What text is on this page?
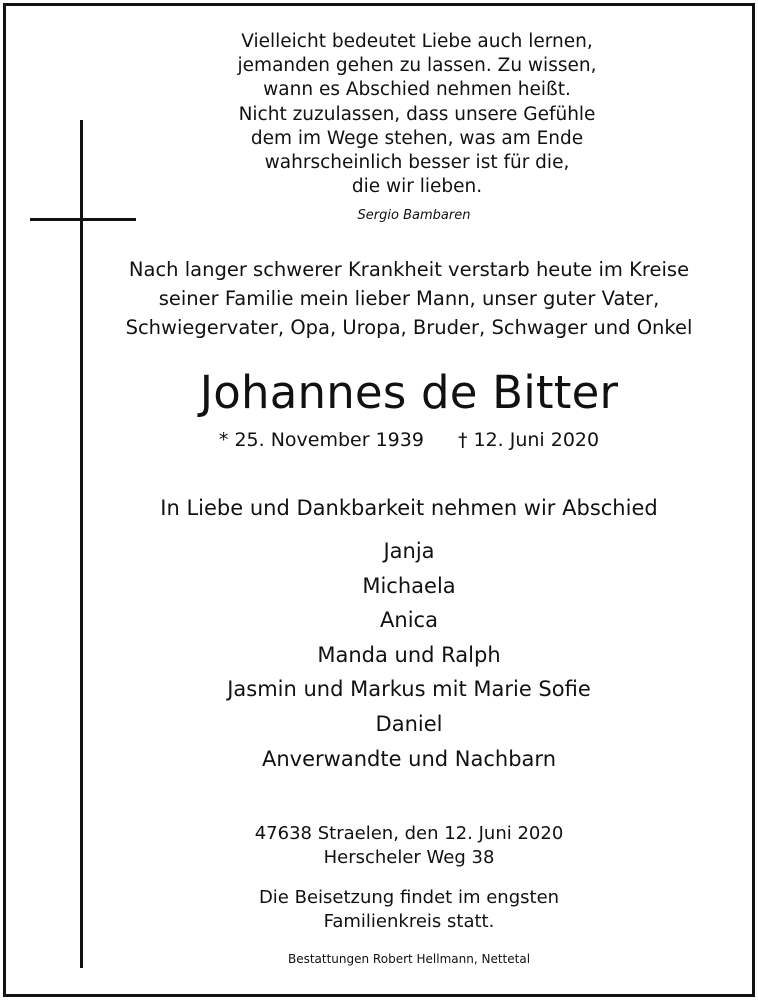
Vielleicht bedeutet Liebe auch lernen,
jemanden gehen zu lassen. Zu wissen,
wann es Abschied nehmen heißt.
Nicht zuzulassen, dass unsere Gefühle
dem im Wege stehen, was am Ende
wahrscheinlich besser ist für die,
die wir lieben.
Sergio Bambaren
Nach langer schwerer Krankheit verstarb heute im Kreise
seiner Familie mein lieber Mann, unser guter Vater,
Schwiegervater, Opa, Uropa, Bruder, Schwager und Onkel
Johannes de Bitter
* 25. November 1939 † 12. Juni 2020
In Liebe und Dankbarkeit nehmen wir Abschied
Janja
Michaela
Anica
Manda und Ralph
Jasmin und Markus mit Marie Sofie
Daniel
Anverwandte und Nachbarn
47638 Straelen, den 12. Juni 2020
Herscheler Weg 38
Die Beisetzung findet im engsten
Familienkreis statt.
Bestattungen Robert Hellmann, Nettetal
